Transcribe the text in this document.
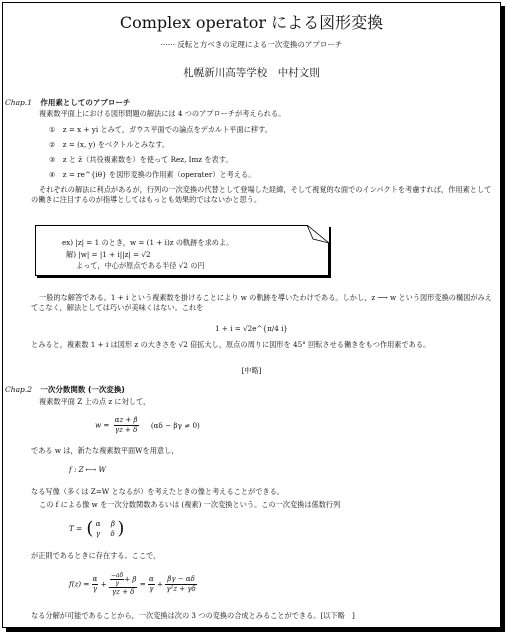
Complex operator による図形変換
······ 反転と方べきの定理による一次変換のアプローチ
札幌新川高等学校　中村文則
Chap.1 作用素としてのアプローチ
複素数平面上における図形問題の解法には 4 つのアプローチが考えられる。
① z = x + yi とみて，ガウス平面での論点をデカルト平面に移す。
② z = (x, y) をベクトルとみなす。
③ z と z̄（共役複素数を）を使って Rez, Imz を表す。
④ z = re^{iθ} を図形変換の作用素（operater）と考える。
それぞれの解法に利点があるが，行列の一次変換の代替として登場した経緯，そして視覚的な面でのインパクトを考慮すれば，作用素としての働きに注目するのが指導としてはもっとも効果的ではないかと思う。
ex) |z| = 1 のとき，w = (1 + i)z の軌跡を求めよ。
解) |w| = |1 + i||z| = √2
よって，中心が原点である半径 √2 の円
一般的な解答である。1 + i という複素数を掛けることにより w の軌跡を導いたわけである。しかし，z ⟶ w という図形変換の構図がみえてこなく，解法としては巧いが美味くはない。これを
1 + i = √2e^{π/4 i}
とみると，複素数 1 + i は図形 z の大きさを √2 倍拡大し，原点の周りに図形を 45° 回転させる働きをもつ作用素である。
[中略]
Chap.2 一次分数関数 (一次変換)
複素数平面 Z 上の点 z に対して，
$w = \frac{\alpha z + \beta}{\gamma z + \delta} (\alpha\delta - \beta\gamma \ne 0)$
である w は，新たな複素数平面Wを用意し，
f : Z ⟼ W
なる写像（多くは Z=W となるが）を考えたときの像と考えることができる。
この f による像 w を一次分数関数あるいは (複素) 一次変換という。この一次変換は係数行列
T = ( α β
γ δ )
が正則であるときに存在する。ここで，
$f(z) = \frac{\alpha}{\gamma} + \frac{\frac{-a\delta}{\gamma} + \beta}{\gamma z + \delta} = \frac{\alpha}{\gamma} + \frac{\beta\gamma - \alpha\delta}{\text{γ²z + γδ}}$
なる分解が可能であることから，一次変換は次の 3 つの変換の合成とみることができる。[以下略　]
